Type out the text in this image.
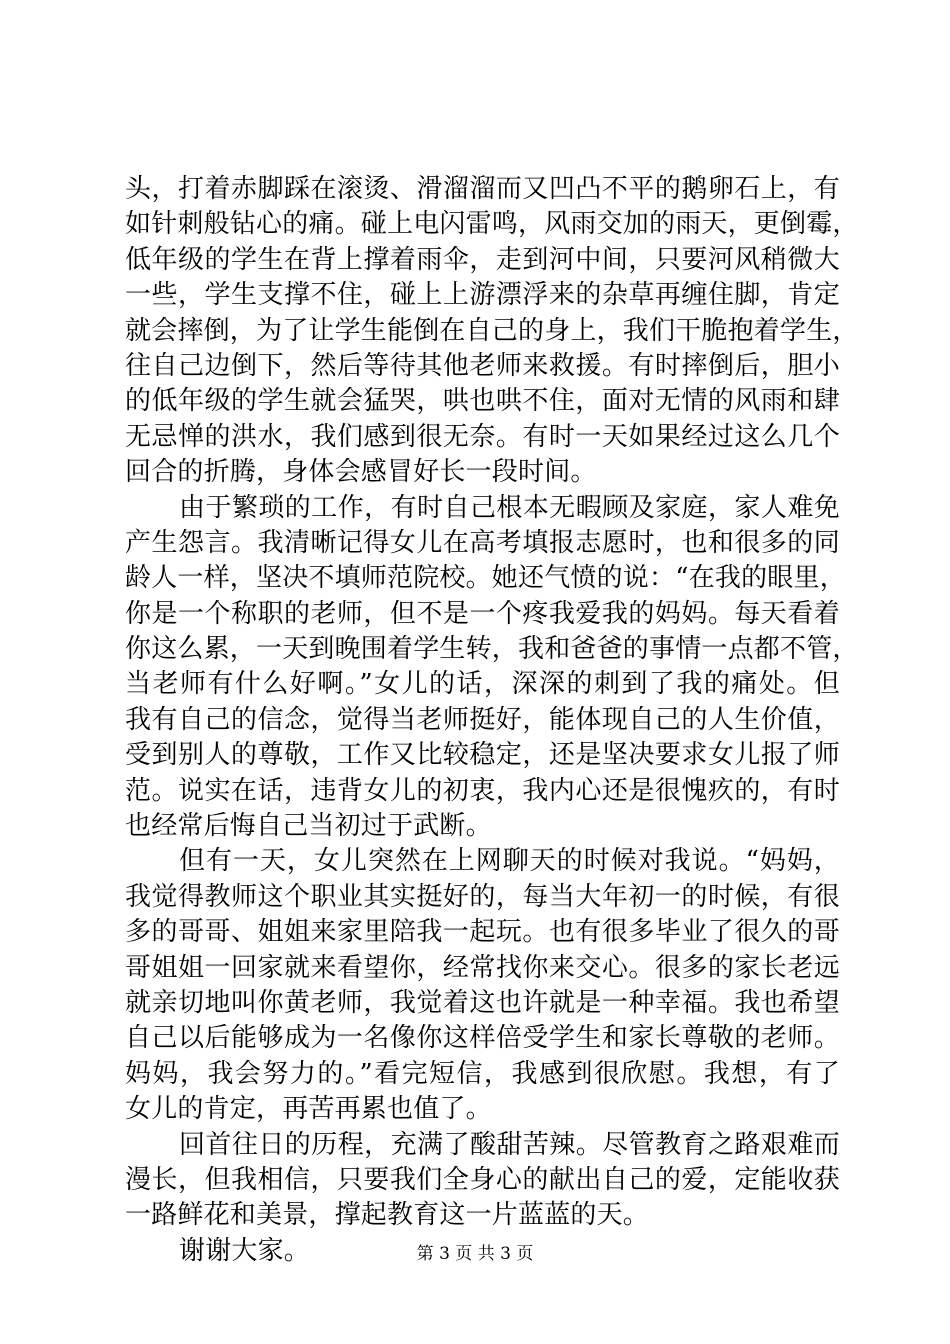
头，打着赤脚踩在滚烫、滑溜溜而又凹凸不平的鹅卵石上，有
如针刺般钻心的痛。碰上电闪雷鸣，风雨交加的雨天，更倒霉，
低年级的学生在背上撑着雨伞，走到河中间，只要河风稍微大
一些，学生支撑不住，碰上上游漂浮来的杂草再缠住脚，肯定
就会摔倒，为了让学生能倒在自己的身上，我们干脆抱着学生，
往自己边倒下，然后等待其他老师来救援。有时摔倒后，胆小
的低年级的学生就会猛哭，哄也哄不住，面对无情的风雨和肆
无忌惮的洪水，我们感到很无奈。有时一天如果经过这么几个
回合的折腾，身体会感冒好长一段时间。
由于繁琐的工作，有时自己根本无暇顾及家庭，家人难免
产生怨言。我清晰记得女儿在高考填报志愿时，也和很多的同
龄人一样，坚决不填师范院校。她还气愤的说：“在我的眼里，
你是一个称职的老师，但不是一个疼我爱我的妈妈。每天看着
你这么累，一天到晚围着学生转，我和爸爸的事情一点都不管，
当老师有什么好啊。”女儿的话，深深的刺到了我的痛处。但
我有自己的信念，觉得当老师挺好，能体现自己的人生价值，
受到别人的尊敬，工作又比较稳定，还是坚决要求女儿报了师
范。说实在话，违背女儿的初衷，我内心还是很愧疚的，有时
也经常后悔自己当初过于武断。
但有一天，女儿突然在上网聊天的时候对我说。“妈妈，
我觉得教师这个职业其实挺好的，每当大年初一的时候，有很
多的哥哥、姐姐来家里陪我一起玩。也有很多毕业了很久的哥
哥姐姐一回家就来看望你，经常找你来交心。很多的家长老远
就亲切地叫你黄老师，我觉着这也许就是一种幸福。我也希望
自己以后能够成为一名像你这样倍受学生和家长尊敬的老师。
妈妈，我会努力的。”看完短信，我感到很欣慰。我想，有了
女儿的肯定，再苦再累也值了。
回首往日的历程，充满了酸甜苦辣。尽管教育之路艰难而
漫长，但我相信，只要我们全身心的献出自己的爱，定能收获
一路鲜花和美景，撑起教育这一片蓝蓝的天。
谢谢大家。	第 3 页 共 3 页
